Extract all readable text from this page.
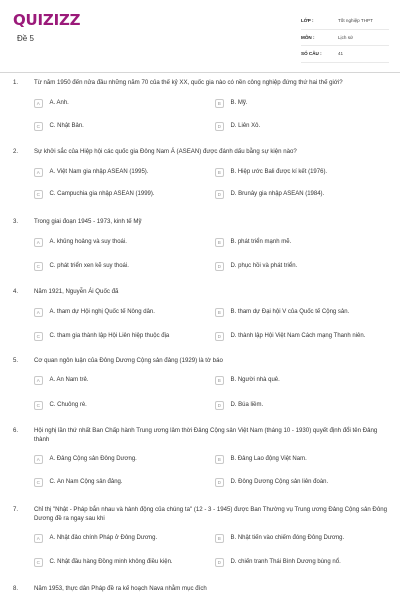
QUIZIZZ
Đề 5
LỚP :	Tốt nghiệp THPT
MÔN :	Lịch sử
SỐ CÂU :	41
1.	Từ năm 1950 đến nửa đầu những năm 70 của thế kỷ XX, quốc gia nào có nền công nghiệp đứng thứ hai thế giới?
A	A. Anh.	B	B. Mỹ.
C	C. Nhật Bản.	D	D. Liên Xô.
2.	Sự khởi sắc của Hiệp hội các quốc gia Đông Nam Á (ASEAN) được đánh dấu bằng sự kiện nào?
A	A. Việt Nam gia nhập ASEAN (1995).	B	B. Hiệp ước Bali được kí kết (1976).
C	C. Campuchia gia nhập ASEAN (1999).	D	D. Brunây gia nhập ASEAN (1984).
3.	Trong giai đoạn 1945 - 1973, kinh tế Mỹ
A	A. khủng hoảng và suy thoái.	B	B. phát triển mạnh mẽ.
C	C. phát triển xen kẽ suy thoái.	D	D. phục hồi và phát triển.
4.	Năm 1921, Nguyễn Ái Quốc đã
A	A. tham dự Hội nghị Quốc tế Nông dân.	B	B. tham dự Đại hội V của Quốc tế Cộng sản.
C	C. tham gia thành lập Hội Liên hiệp thuộc địa	D	D. thành lập Hội Việt Nam Cách mạng Thanh niên.
5.	Cơ quan ngôn luận của Đông Dương Cộng sản đảng (1929) là tờ báo
A	A. An Nam trẻ.	B	B. Người nhà quê.
C	C. Chuông rè.	D	D. Búa liềm.
6.	Hội nghị lần thứ nhất Ban Chấp hành Trung ương lâm thời Đảng Cộng sản Việt Nam (tháng 10 - 1930) quyết định đổi tên Đảng thành
A	A. Đảng Cộng sản Đông Dương.	B	B. Đảng Lao động Việt Nam.
C	C. An Nam Cộng sản đảng.	D	D. Đông Dương Cộng sản liên đoàn.
7.	Chỉ thị "Nhật - Pháp bắn nhau và hành động của chúng ta" (12 - 3 - 1945) được Ban Thường vụ Trung ương Đảng Cộng sản Đông Dương đề ra ngay sau khi
A	A. Nhật đảo chính Pháp ở Đông Dương.	B	B. Nhật tiến vào chiếm đóng Đông Dương.
C	C. Nhật đầu hàng Đồng minh không điều kiện.	D	D. chiến tranh Thái Bình Dương bùng nổ.
8.	Năm 1953, thực dân Pháp đề ra kế hoạch Nava nhằm mục đích
